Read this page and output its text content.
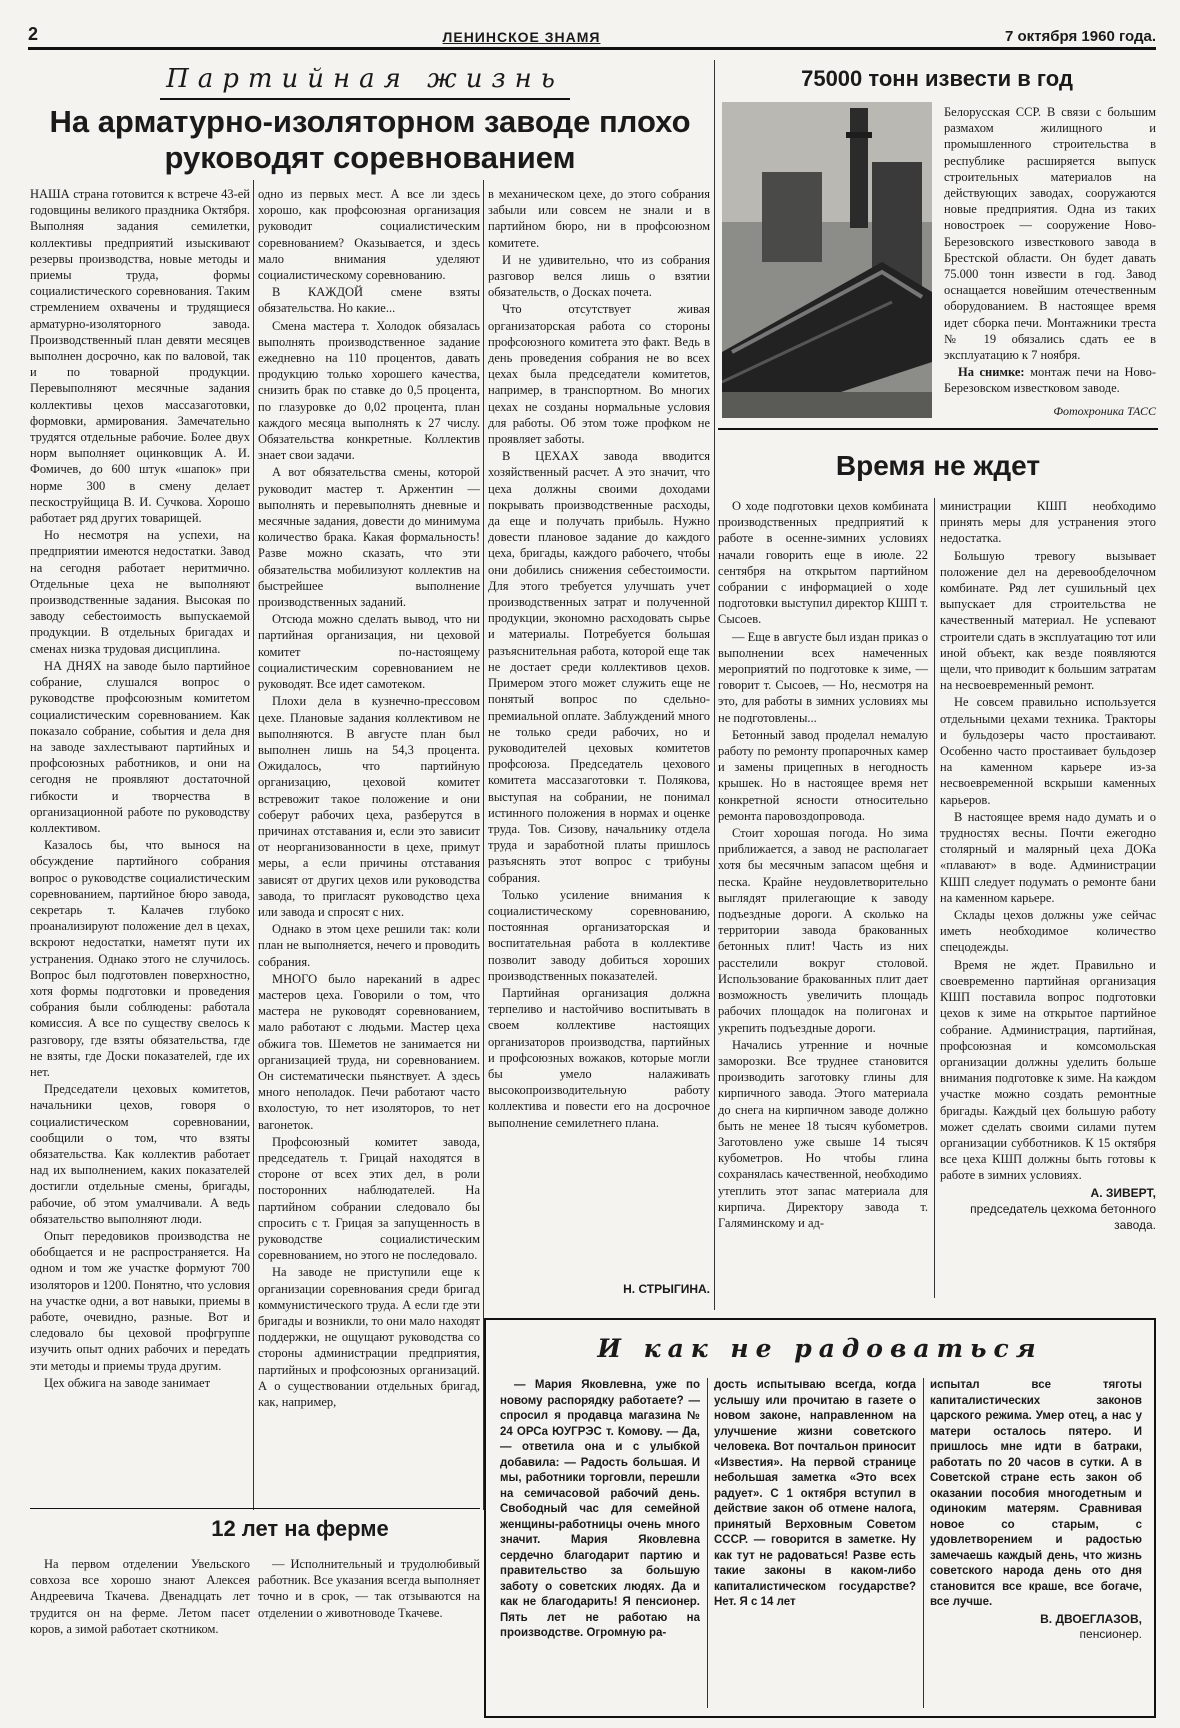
2	ЛЕНИНСКОЕ ЗНАМЯ	7 октября 1960 года.
Партийная жизнь
На арматурно-изоляторном заводе плохо руководят соревнованием

НАША страна готовится к встрече 43-ей годовщины великого праздника Октября. Выполняя задания семилетки, коллективы предприятий изыскивают резервы производства, новые методы и приемы труда, формы социалистического соревнования. Таким стремлением охвачены и трудящиеся арматурно-изоляторного завода. Производственный план девяти месяцев выполнен досрочно, как по валовой, так и по товарной продукции. Перевыполняют месячные задания коллективы цехов массазаготовки, формовки, армирования. Замечательно трудятся отдельные рабочие. Более двух норм выполняет оцинковщик А. И. Фомичев, до 600 штук «шапок» при норме 300 в смену делает пескоструйщица В. И. Сучкова. Хорошо работает ряд других товарищей.

Но несмотря на успехи, на предприятии имеются недостатки. Завод на сегодня работает неритмично. Отдельные цеха не выполняют производственные задания. Высокая по заводу себестоимость выпускаемой продукции. В отдельных бригадах и сменах низка трудовая дисциплина.

НА ДНЯХ на заводе было партийное собрание, слушался вопрос о руководстве профсоюзным комитетом социалистическим соревнованием. Как показало собрание, события и дела дня на заводе захлестывают партийных и профсоюзных работников, и они на сегодня не проявляют достаточной гибкости и творчества в организационной работе по руководству коллективом.

Казалось бы, что вынося на обсуждение партийного собрания вопрос о руководстве социалистическим соревнованием, партийное бюро завода, секретарь т. Калачев глубоко проанализируют положение дел в цехах, вскроют недостатки, наметят пути их устранения. Однако этого не случилось. Вопрос был подготовлен поверхностно, хотя формы подготовки и проведения собрания были соблюдены: работала комиссия. А все по существу свелось к разговору, где взяты обязательства, где не взяты, где Доски показателей, где их нет.

Председатели цеховых комитетов, начальники цехов, говоря о социалистическом соревновании, сообщили о том, что взяты обязательства. Как коллектив работает над их выполнением, каких показателей достигли отдельные смены, бригады, рабочие, об этом умалчивали. А ведь обязательство выполняют люди.

Опыт передовиков производства не обобщается и не распространяется. На одном и том же участке формуют 700 изоляторов и 1200. Понятно, что условия на участке одни, а вот навыки, приемы в работе, очевидно, разные. Вот и следовало бы цеховой профгруппе изучить опыт одних рабочих и передать эти методы и приемы труда другим.

Цех обжига на заводе занимает

одно из первых мест. А все ли здесь хорошо, как профсоюзная организация руководит социалистическим соревнованием? Оказывается, и здесь мало внимания уделяют социалистическому соревнованию.

В КАЖДОЙ смене взяты обязательства. Но какие...

Смена мастера т. Холодок обязалась выполнять производственное задание ежедневно на 110 процентов, давать продукцию только хорошего качества, снизить брак по ставке до 0,5 процента, по глазуровке до 0,02 процента, план каждого месяца выполнять к 27 числу. Обязательства конкретные. Коллектив знает свои задачи.

А вот обязательства смены, которой руководит мастер т. Аржентин — выполнять и перевыполнять дневные и месячные задания, довести до минимума количество брака. Какая формальность! Разве можно сказать, что эти обязательства мобилизуют коллектив на быстрейшее выполнение производственных заданий.

Отсюда можно сделать вывод, что ни партийная организация, ни цеховой комитет по-настоящему социалистическим соревнованием не руководят. Все идет самотеком.

Плохи дела в кузнечно-прессовом цехе. Плановые задания коллективом не выполняются. В августе план был выполнен лишь на 54,3 процента. Ожидалось, что партийную организацию, цеховой комитет встревожит такое положение и они соберут рабочих цеха, разберутся в причинах отставания и, если это зависит от неорганизованности в цехе, примут меры, а если причины отставания зависят от других цехов или руководства завода, то пригласят руководство цеха или завода и спросят с них.

Однако в этом цехе решили так: коли план не выполняется, нечего и проводить собрания.

МНОГО было нареканий в адрес мастеров цеха. Говорили о том, что мастера не руководят соревнованием, мало работают с людьми. Мастер цеха обжига тов. Шеметов не занимается ни организацией труда, ни соревнованием. Он систематически пьянствует. А здесь много неполадок. Печи работают часто вхолостую, то нет изоляторов, то нет вагонеток.

Профсоюзный комитет завода, председатель т. Грицай находятся в стороне от всех этих дел, в роли посторонних наблюдателей. На партийном собрании следовало бы спросить с т. Грицая за запущенность в руководстве социалистическим соревнованием, но этого не последовало.

На заводе не приступили еще к организации соревнования среди бригад коммунистического труда. А если где эти бригады и возникли, то они мало находят поддержки, не ощущают руководства со стороны администрации предприятия, партийных и профсоюзных организаций. А о существовании отдельных бригад, как, например,

в механическом цехе, до этого собрания забыли или совсем не знали и в партийном бюро, ни в профсоюзном комитете.

И не удивительно, что из собрания разговор велся лишь о взятии обязательств, о Досках почета.

Что отсутствует живая организаторская работа со стороны профсоюзного комитета это факт. Ведь в день проведения собрания не во всех цехах была председатели комитетов, например, в транспортном. Во многих цехах не созданы нормальные условия для работы. Об этом тоже профком не проявляет заботы.

В ЦЕХАХ завода вводится хозяйственный расчет. А это значит, что цеха должны своими доходами покрывать производственные расходы, да еще и получать прибыль. Нужно довести плановое задание до каждого цеха, бригады, каждого рабочего, чтобы они добились снижения себестоимости. Для этого требуется улучшать учет производственных затрат и полученной продукции, экономно расходовать сырье и материалы. Потребуется большая разъяснительная работа, которой еще так не достает среди коллективов цехов. Примером этого может служить еще не понятый вопрос по сдельно-премиальной оплате. Заблуждений много не только среди рабочих, но и руководителей цеховых комитетов профсоюза. Председатель цехового комитета массазаготовки т. Полякова, выступая на собрании, не понимал истинного положения в нормах и оценке труда. Тов. Сизову, начальнику отдела труда и заработной платы пришлось разъяснять этот вопрос с трибуны собрания.

Только усиление внимания к социалистическому соревнованию, постоянная организаторская и воспитательная работа в коллективе позволит заводу добиться хороших производственных показателей.

Партийная организация должна терпеливо и настойчиво воспитывать в своем коллективе настоящих организаторов производства, партийных и профсоюзных вожаков, которые могли бы умело налаживать высокопроизводительную работу коллектива и повести его на досрочное выполнение семилетнего плана.

Н. СТРЫГИНА.
12 лет на ферме

На первом отделении Увельского совхоза все хорошо знают Алексея Андреевича Ткачева. Двенадцать лет трудится он на ферме. Летом пасет коров, а зимой работает скотником.

— Исполнительный и трудолюбивый работник. Все указания всегда выполняет точно и в срок, — так отзываются на отделении о животноводе Ткачеве.

75000 тонн извести в год

Белорусская ССР. В связи с большим размахом жилищного и промышленного строительства в республике расширяется выпуск строительных материалов на действующих заводах, сооружаются новые предприятия. Одна из таких новостроек — сооружение Ново-Березовского известкового завода в Брестской области. Он будет давать 75.000 тонн извести в год. Завод оснащается новейшим отечественным оборудованием. В настоящее время идет сборка печи. Монтажники треста № 19 обязались сдать ее в эксплуатацию к 7 ноября.

На снимке: монтаж печи на Ново-Березовском известковом заводе.

Фотохроника ТАСС
Время не ждет

О ходе подготовки цехов комбината производственных предприятий к работе в осенне-зимних условиях начали говорить еще в июле. 22 сентября на открытом партийном собрании с информацией о ходе подготовки выступил директор КШП т. Сысоев.

— Еще в августе был издан приказ о выполнении всех намеченных мероприятий по подготовке к зиме, — говорит т. Сысоев, — Но, несмотря на это, для работы в зимних условиях мы не подготовлены...

Бетонный завод проделал немалую работу по ремонту пропарочных камер и замены прицепных в негодность крышек. Но в настоящее время нет конкретной ясности относительно ремонта паровоздопровода.

Стоит хорошая погода. Но зима приближается, а завод не располагает хотя бы месячным запасом щебня и песка. Крайне неудовлетворительно выглядят прилегающие к заводу подъездные дороги. А сколько на территории завода бракованных бетонных плит! Часть из них расстелили вокруг столовой. Использование бракованных плит дает возможность увеличить площадь рабочих площадок на полигонах и укрепить подъездные дороги.

Начались утренние и ночные заморозки. Все труднее становится производить заготовку глины для кирпичного завода. Этого материала до снега на кирпичном заводе должно быть не менее 18 тысяч кубометров. Заготовлено уже свыше 14 тысяч кубометров. Но чтобы глина сохранялась качественной, необходимо утеплить этот запас материала для кирпича. Директору завода т. Галяминскому и ад-

министрации КШП необходимо принять меры для устранения этого недостатка.

Большую тревогу вызывает положение дел на деревообделочном комбинате. Ряд лет сушильный цех выпускает для строительства не качественный материал. Не успевают строители сдать в эксплуатацию тот или иной объект, как везде появляются щели, что приводит к большим затратам на несвоевременный ремонт.

Не совсем правильно используется отдельными цехами техника. Тракторы и бульдозеры часто простаивают. Особенно часто простаивает бульдозер на каменном карьере из-за несвоевременной вскрыши каменных карьеров.

В настоящее время надо думать и о трудностях весны. Почти ежегодно столярный и малярный цеха ДОКа «плавают» в воде. Администрации КШП следует подумать о ремонте бани на каменном карьере.

Склады цехов должны уже сейчас иметь необходимое количество спецодежды.

Время не ждет. Правильно и своевременно партийная организация КШП поставила вопрос подготовки цехов к зиме на открытое партийное собрание. Администрация, партийная, профсоюзная и комсомольская организации должны уделить больше внимания подготовке к зиме. На каждом участке можно создать ремонтные бригады. Каждый цех большую работу может сделать своими силами путем организации субботников. К 15 октября все цеха КШП должны быть готовы к работе в зимних условиях.

А. ЗИВЕРТ,
председатель цехкома бетонного завода.
И как не радоваться

— Мария Яковлевна, уже по новому распорядку работаете? — спросил я продавца магазина № 24 ОРСа ЮУГРЭС т. Комову. — Да, — ответила она и с улыбкой добавила: — Радость большая. И мы, работники торговли, перешли на семичасовой рабочий день. Свободный час для семейной женщины-работницы очень много значит. Мария Яковлевна сердечно благодарит партию и правительство за большую заботу о советских людях. Да и как не благодарить! Я пенсионер. Пять лет не работаю на производстве. Огромную ра-

дость испытываю всегда, когда услышу или прочитаю в газете о новом законе, направленном на улучшение жизни советского человека. Вот почтальон приносит «Известия». На первой странице небольшая заметка «Это всех радует». С 1 октября вступил в действие закон об отмене налога, принятый Верховным Советом СССР. — говорится в заметке. Ну как тут не радоваться! Разве есть такие законы в каком-либо капиталистическом государстве? Нет. Я с 14 лет

испытал все тяготы капиталистических законов царского режима. Умер отец, а нас у матери осталось пятеро. И пришлось мне идти в батраки, работать по 20 часов в сутки. А в Советской стране есть закон об оказании пособия многодетным и одиноким матерям. Сравнивая новое со старым, с удовлетворением и радостью замечаешь каждый день, что жизнь советского народа день ото дня становится все краше, все богаче, все лучше.

В. ДВОЕГЛАЗОВ,
пенсионер.
